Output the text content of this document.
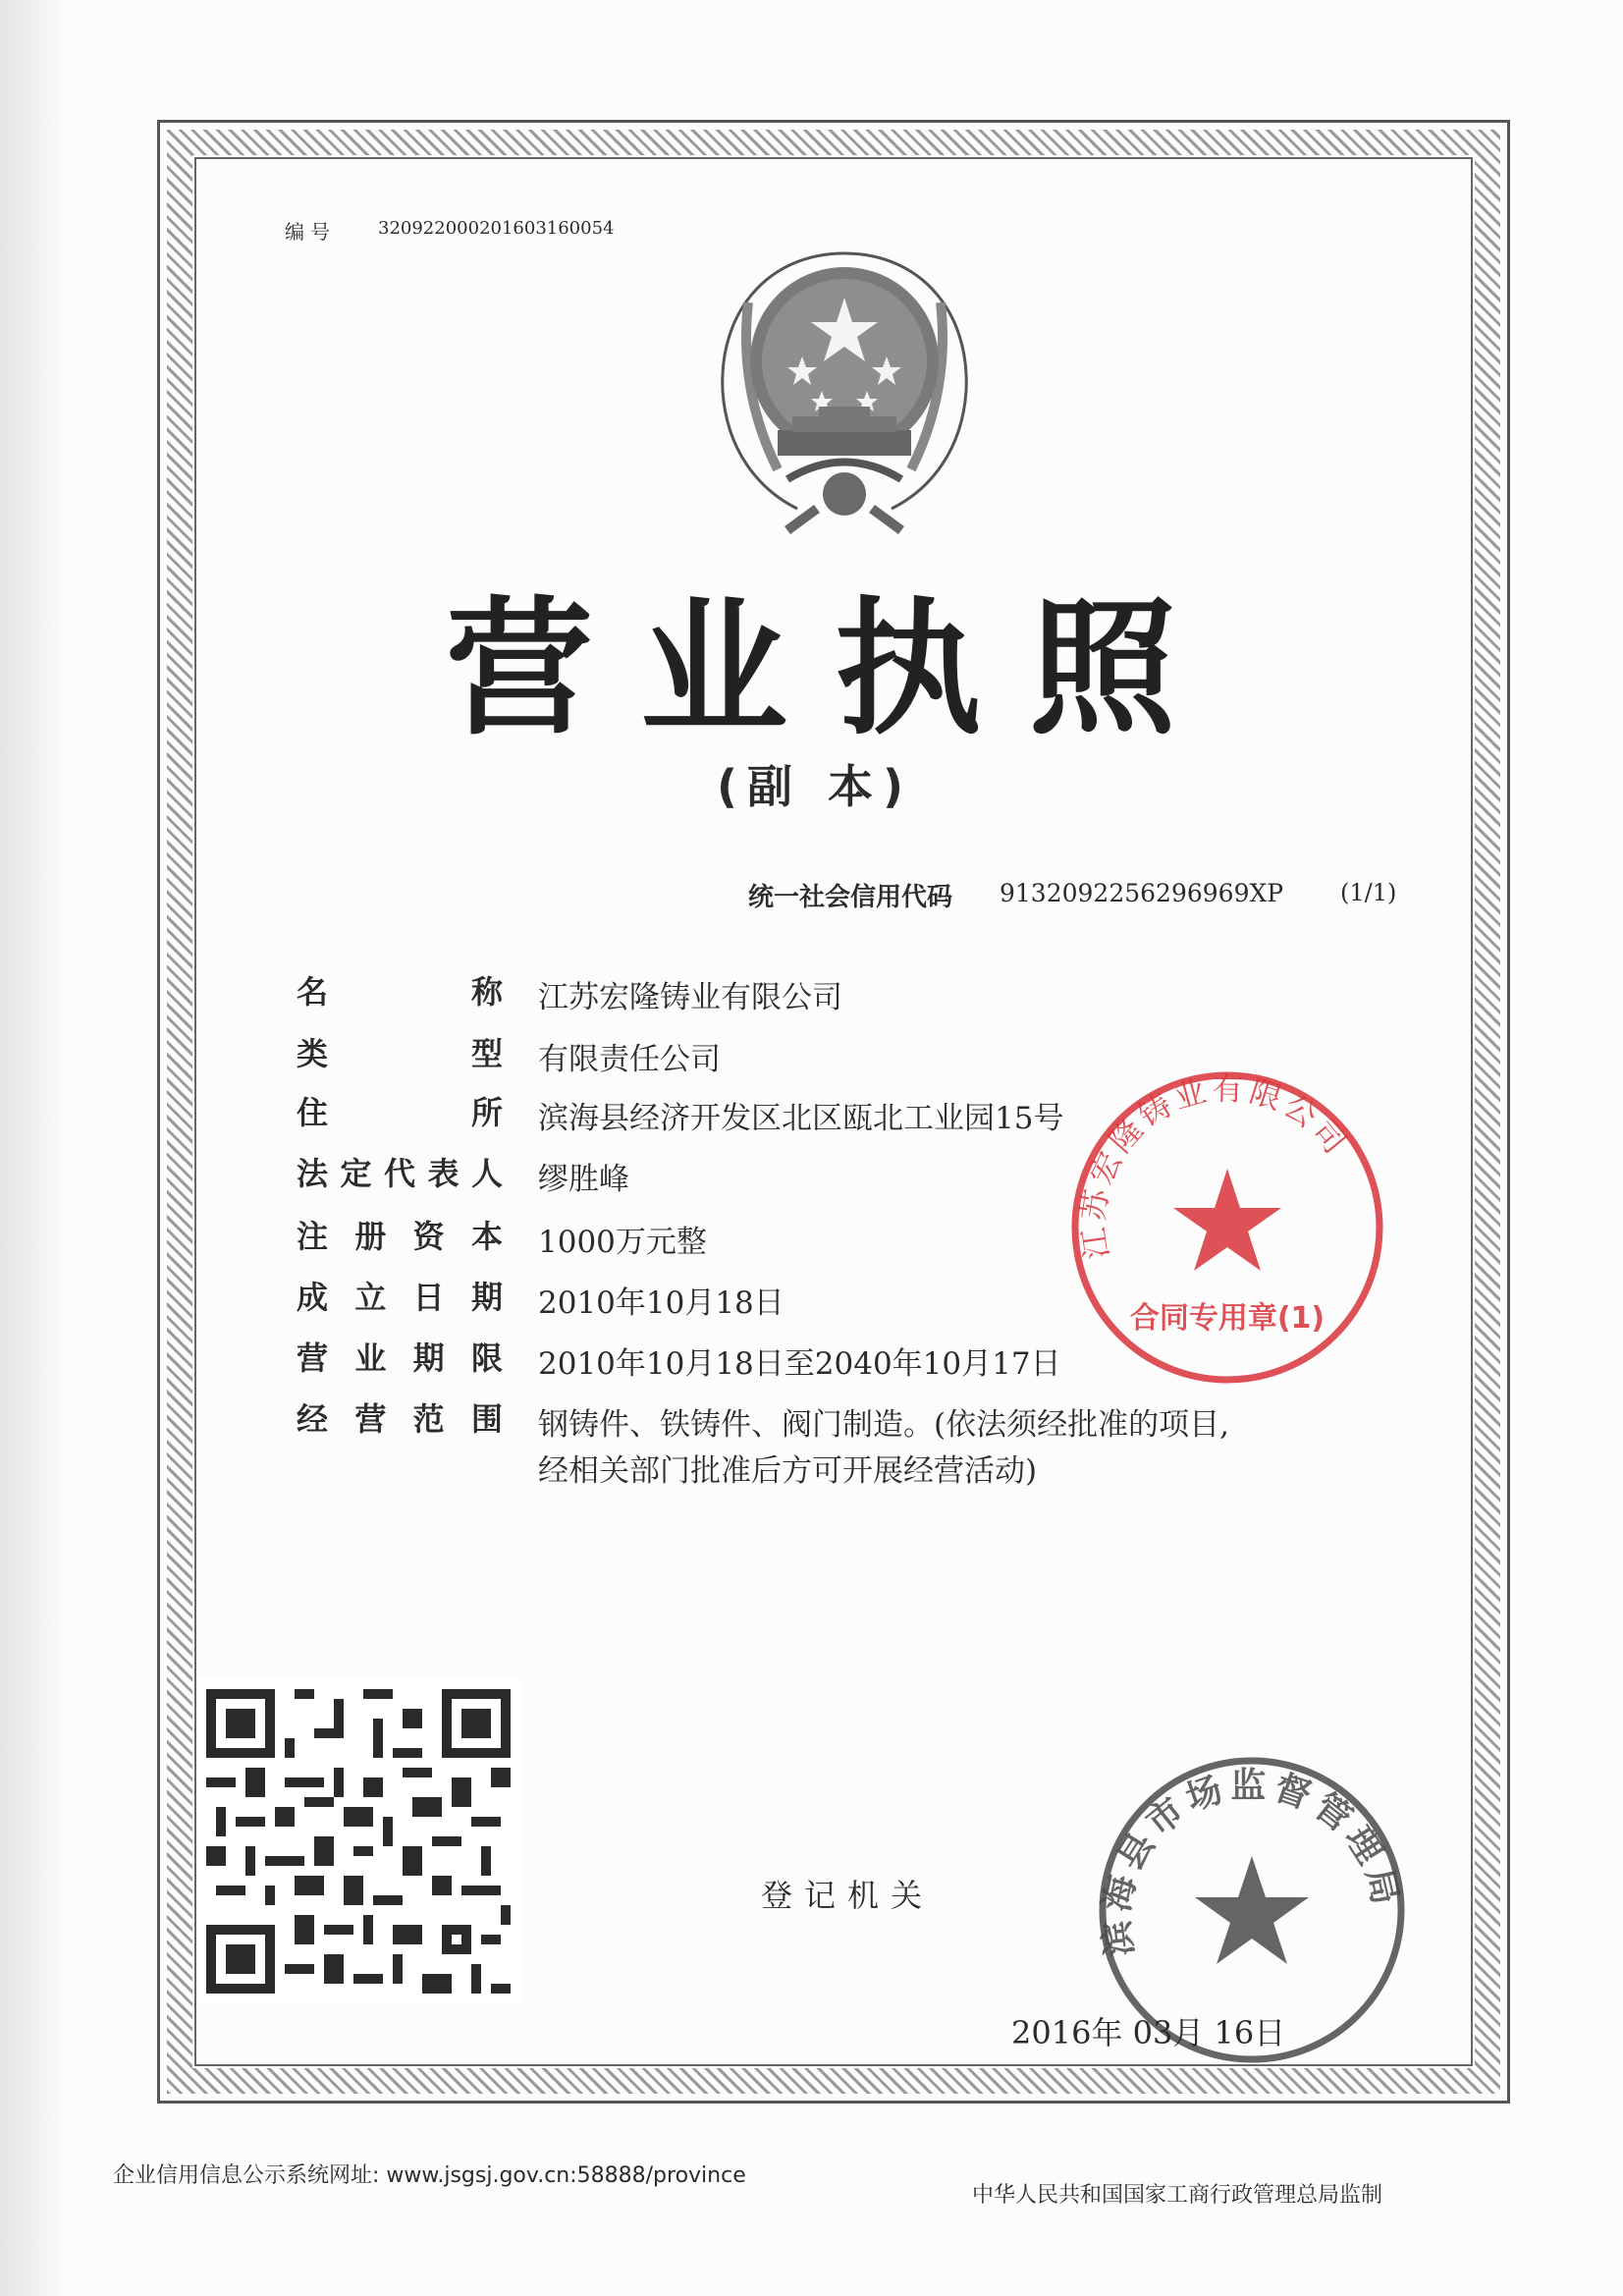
编号 320922000201603160054
营业执照
(副 本)
统一社会信用代码 9132092256296969XP (1/1)
名	称 江苏宏隆铸业有限公司
类	型 有限责任公司
住	所 滨海县经济开发区北区瓯北工业园15号
法 定 代 表 人 缪胜峰
注 册 资 本 1000万元整
成 立 日 期 2010年10月18日
营 业 期 限 2010年10月18日至2040年10月17日
经 营 范 围 钢铸件、铁铸件、阀门制造。(依法须经批准的项目,
经相关部门批准后方可开展经营活动)
江苏宏隆铸业有限公司
合同专用章(1)
登记机关
滨海县市场监督管理局
2016年 03月 16日
企业信用信息公示系统网址: www.jsgsj.gov.cn:58888/province
中华人民共和国国家工商行政管理总局监制
